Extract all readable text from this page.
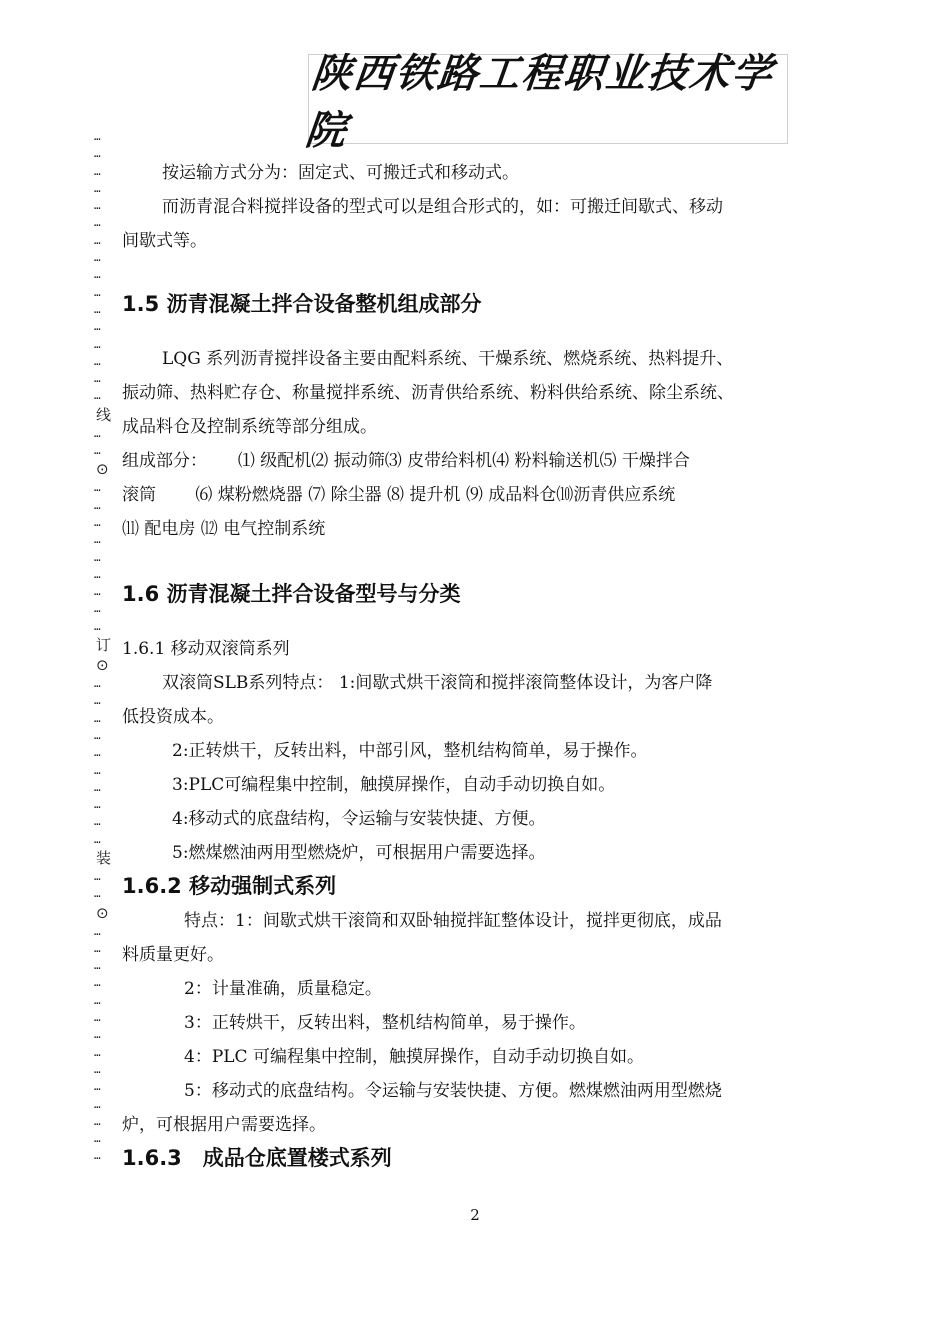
陕西铁路工程职业技术学院
…
…
…
…
…
…
…
…
…
…
…
…
…
…
…
…
线
…
…
⊙
…
…
…
…
…
…
…
…
…
订
⊙
…
…
…
…
…
…
…
…
…
…
装
…
…
⊙
…
…
…
…
…
…
…
…
…
…
…
…
…
…

按运输方式分为：固定式、可搬迁式和移动式。

而沥青混合料搅拌设备的型式可以是组合形式的，如：可搬迁间歇式、移动

间歇式等。

1.5 沥青混凝土拌合设备整机组成部分

LQG 系列沥青搅拌设备主要由配料系统、干燥系统、燃烧系统、热料提升、

振动筛、热料贮存仓、称量搅拌系统、沥青供给系统、粉料供给系统、除尘系统、

成品料仓及控制系统等部分组成。

组成部分：　　 ⑴ 级配机⑵ 振动筛⑶ 皮带给料机⑷ 粉料输送机⑸ 干燥拌合

滚筒　　 ⑹ 煤粉燃烧器 ⑺ 除尘器 ⑻ 提升机 ⑼ 成品料仓⑽沥青供应系统

⑾ 配电房 ⑿ 电气控制系统

1.6 沥青混凝土拌合设备型号与分类

1.6.1 移动双滚筒系列

双滚筒SLB系列特点： 1:间歇式烘干滚筒和搅拌滚筒整体设计，为客户降

低投资成本。

2:正转烘干，反转出料，中部引风，整机结构简单，易于操作。

3:PLC可编程集中控制，触摸屏操作，自动手动切换自如。

4:移动式的底盘结构，令运输与安装快捷、方便。

5:燃煤燃油两用型燃烧炉，可根据用户需要选择。

1.6.2 移动强制式系列

特点：1：间歇式烘干滚筒和双卧轴搅拌缸整体设计，搅拌更彻底，成品

料质量更好。

2：计量准确，质量稳定。

3：正转烘干，反转出料，整机结构简单，易于操作。

4：PLC 可编程集中控制，触摸屏操作，自动手动切换自如。

5：移动式的底盘结构。令运输与安装快捷、方便。燃煤燃油两用型燃烧

炉，可根据用户需要选择。

1.6.3　成品仓底置楼式系列
2
